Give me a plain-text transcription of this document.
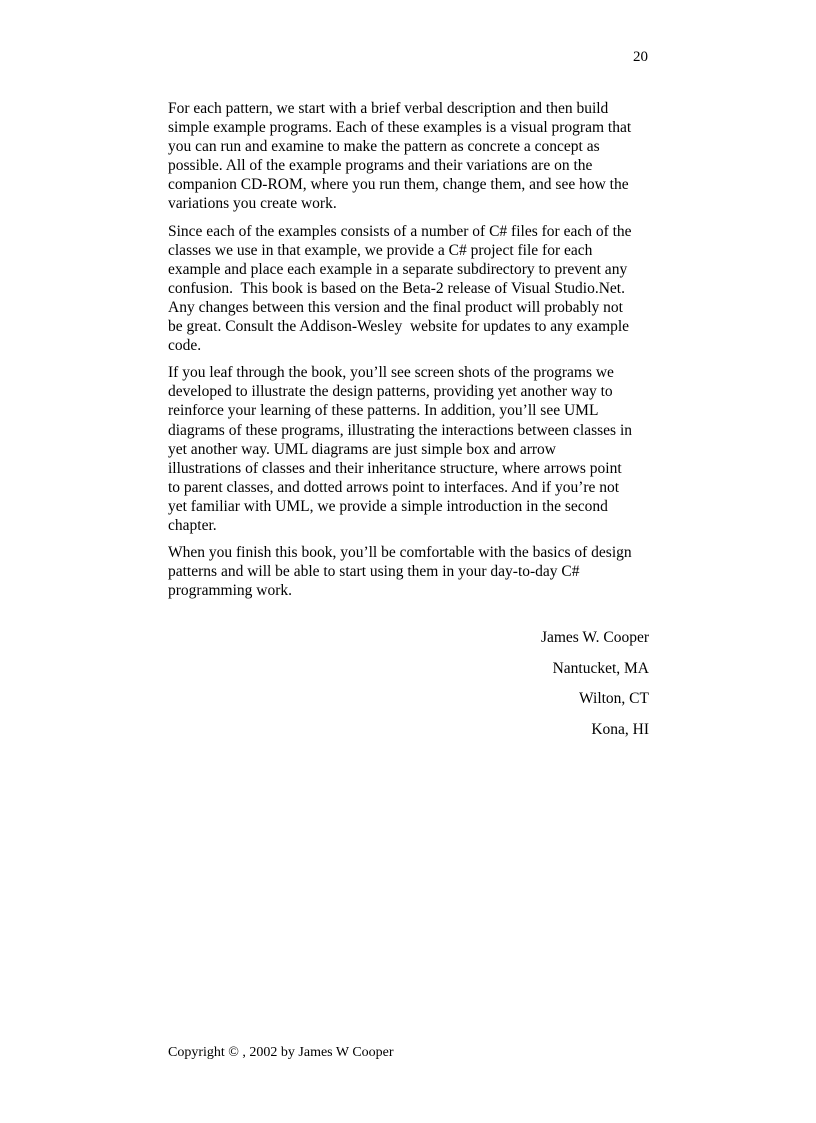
20

For each pattern, we start with a brief verbal description and then build
simple example programs. Each of these examples is a visual program that
you can run and examine to make the pattern as concrete a concept as
possible. All of the example programs and their variations are on the
companion CD-ROM, where you run them, change them, and see how the
variations you create work.

Since each of the examples consists of a number of C# files for each of the
classes we use in that example, we provide a C# project file for each
example and place each example in a separate subdirectory to prevent any
confusion.  This book is based on the Beta-2 release of Visual Studio.Net.
Any changes between this version and the final product will probably not
be great. Consult the Addison-Wesley  website for updates to any example
code.

If you leaf through the book, you’ll see screen shots of the programs we
developed to illustrate the design patterns, providing yet another way to
reinforce your learning of these patterns. In addition, you’ll see UML
diagrams of these programs, illustrating the interactions between classes in
yet another way. UML diagrams are just simple box and arrow
illustrations of classes and their inheritance structure, where arrows point
to parent classes, and dotted arrows point to interfaces. And if you’re not
yet familiar with UML, we provide a simple introduction in the second
chapter.

When you finish this book, you’ll be comfortable with the basics of design
patterns and will be able to start using them in your day-to-day C#
programming work.

James W. Cooper
Nantucket, MA
Wilton, CT
Kona, HI
Copyright © , 2002 by James W Cooper
